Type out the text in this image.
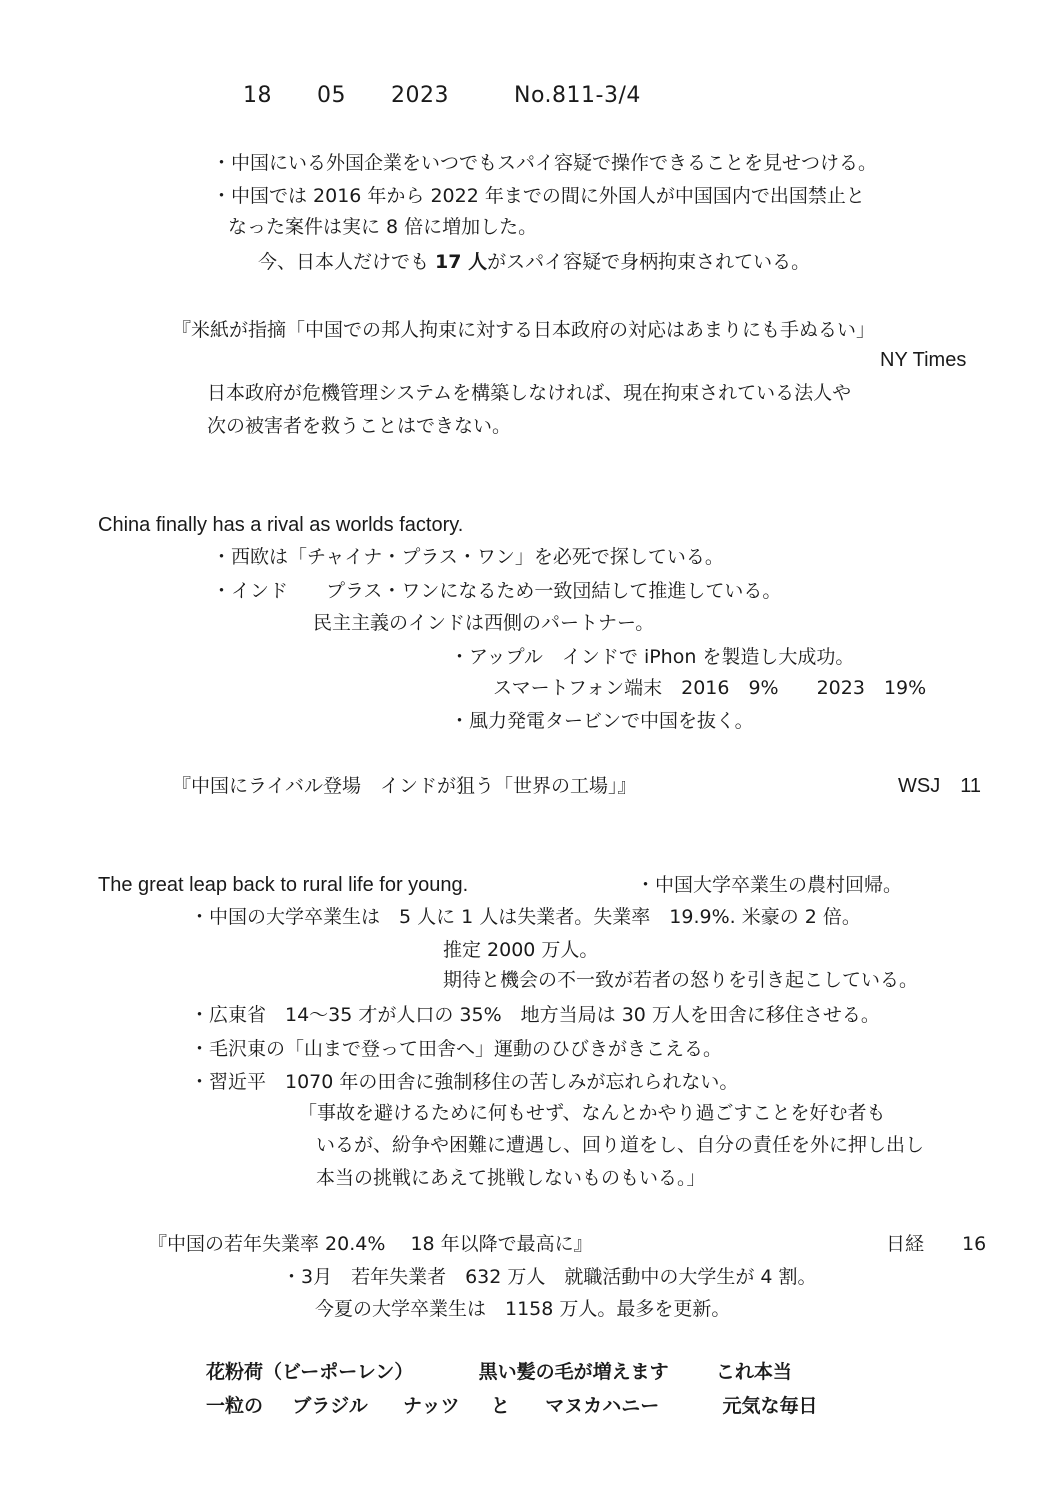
18 05 2023	No.811-3/4
・中国にいる外国企業をいつでもスパイ容疑で操作できることを見せつける。
・中国では 2016 年から 2022 年までの間に外国人が中国国内で出国禁止と
なった案件は実に 8 倍に増加した。
今、日本人だけでも 17 人がスパイ容疑で身柄拘束されている。
『米紙が指摘「中国での邦人拘束に対する日本政府の対応はあまりにも手ぬるい」
NY Times
日本政府が危機管理システムを構築しなければ、現在拘束されている法人や
次の被害者を救うことはできない。
China finally has a rival as worlds factory.
・西欧は「チャイナ・プラス・ワン」を必死で探している。
・インド　　プラス・ワンになるため一致団結して推進している。
民主主義のインドは西側のパートナー。
・アップル　インドで iPhon を製造し大成功。
スマートフォン端末　2016　9%　　2023　19%
・風力発電タービンで中国を抜く。
『中国にライバル登場　インドが狙う「世界の工場」』	WSJ　11
The great leap back to rural life for young.	・中国大学卒業生の農村回帰。
・中国の大学卒業生は　5 人に 1 人は失業者。失業率　19.9%. 米豪の 2 倍。
推定 2000 万人。
期待と機会の不一致が若者の怒りを引き起こしている。
・広東省　14～35 才が人口の 35%　地方当局は 30 万人を田舎に移住させる。
・毛沢東の「山まで登って田舎へ」運動のひびきがきこえる。
・習近平　1070 年の田舎に強制移住の苦しみが忘れられない。
「事故を避けるために何もせず、なんとかやり過ごすことを好む者も
いるが、紛争や困難に遭遇し、回り道をし、自分の責任を外に押し出し
本当の挑戦にあえて挑戦しないものもいる。」
『中国の若年失業率 20.4%　 18 年以降で最高に』	日経　　16
・3月　若年失業者　632 万人　就職活動中の大学生が 4 割。
今夏の大学卒業生は　1158 万人。最多を更新。
花粉荷（ビーポーレン）	黒い髪の毛が増えます これ本当
一粒の ブラジル ナッツ と マヌカハニー	元気な毎日
